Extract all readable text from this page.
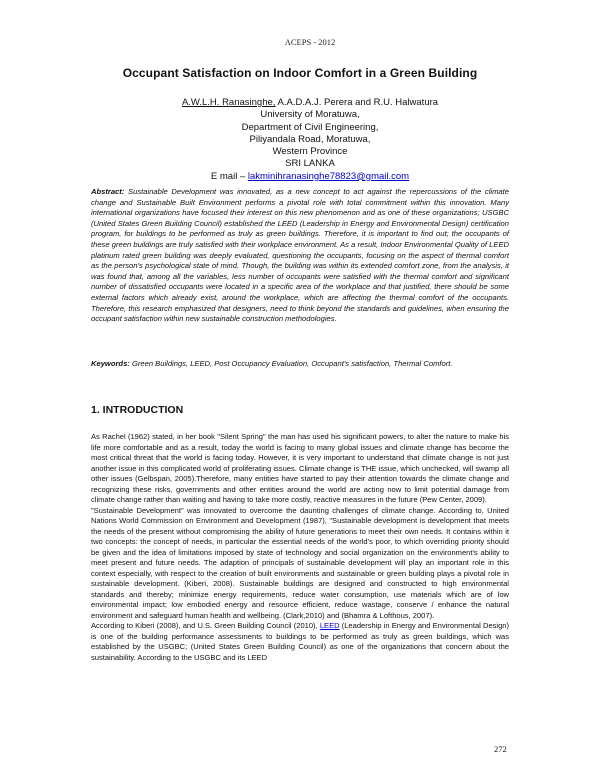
ACEPS - 2012
Occupant Satisfaction on Indoor Comfort in a Green Building
A.W.L.H. Ranasinghe, A.A.D.A.J. Perera and R.U. Halwatura
University of Moratuwa,
Department of Civil Engineering,
Piliyandala Road, Moratuwa,
Western Province
SRI LANKA
E mail – lakminihranasinghe78823@gmail.com
Abstract: Sustainable Development was innovated, as a new concept to act against the repercussions of the climate change and Sustainable Built Environment performs a pivotal role with total commitment within this innovation. Many international organizations have focused their interest on this new phenomenon and as one of these organizations; USGBC (United States Green Building Council) established the LEED (Leadership in Energy and Environmental Design) certification program, for buildings to be performed as truly as green buildings. Therefore, it is important to find out; the occupants of these green buildings are truly satisfied with their workplace environment. As a result, Indoor Environmental Quality of LEED platinum rated green building was deeply evaluated, questioning the occupants, focusing on the aspect of thermal comfort as the person's psychological state of mind. Though, the building was within its extended comfort zone, from the analysis, it was found that, among all the variables, less number of occupants were satisfied with the thermal comfort and significant number of dissatisfied occupants were located in a specific area of the workplace and that justified, there should be some external factors which already exist, around the workplace, which are affecting the thermal comfort of the occupants. Therefore, this research emphasized that designers, need to think beyond the standards and guidelines, when ensuring the occupant satisfaction within new sustainable construction methodologies.
Keywords: Green Buildings, LEED, Post Occupancy Evaluation, Occupant's satisfaction, Thermal Comfort.
1. INTRODUCTION

As Rachel (1962) stated, in her book "Silent Spring" the man has used his significant powers, to alter the nature to make his life more comfortable and as a result, today the world is facing to many global issues and climate change has become the most critical threat that the world is facing today. However, it is very important to understand that climate change is not just another issue in this complicated world of proliferating issues. Climate change is THE issue, which unchecked, will swamp all other issues (Gelbspan, 2005).Therefore, many entities have started to pay their attention towards the climate change and recognizing these risks, governments and other entities around the world are acting now to limit potential damage from climate change rather than waiting and having to take more costly, reactive measures in the future (Pew Center, 2009).

"Sustainable Development" was innovated to overcome the daunting challenges of climate change. According to, United Nations World Commission on Environment and Development (1987), "Sustainable development is development that meets the needs of the present without compromising the ability of future generations to meet their own needs. It contains within it two concepts: the concept of needs, in particular the essential needs of the world's poor, to which overriding priority should be given and the idea of limitations imposed by state of technology and social organization on the environment's ability to meet present and future needs. The adaption of principals of sustainable development will play an important role in this context especially, with respect to the creation of built environments and sustainable or green building plays a pivotal role in sustainable development. (Kiberi, 2008). Sustainable buildings are designed and constructed to high environmental standards and thereby; minimize energy requirements, reduce water consumption, use materials which are of low environmental impact; low embodied energy and resource efficient, reduce wastage, conserve / enhance the natural environment and safeguard human health and wellbeing. (Clark,2010) and (Bhamra & Lofthous, 2007).

According to Kiberi (2008), and U.S. Green Building Council (2010), LEED (Leadership in Energy and Environmental Design) is one of the building performance assessments to buildings to be performed as truly as green buildings, which was established by the USGBC; (United States Green Building Council) as one of the organizations that concern about the sustainability. According to the USGBC and its LEED

272
